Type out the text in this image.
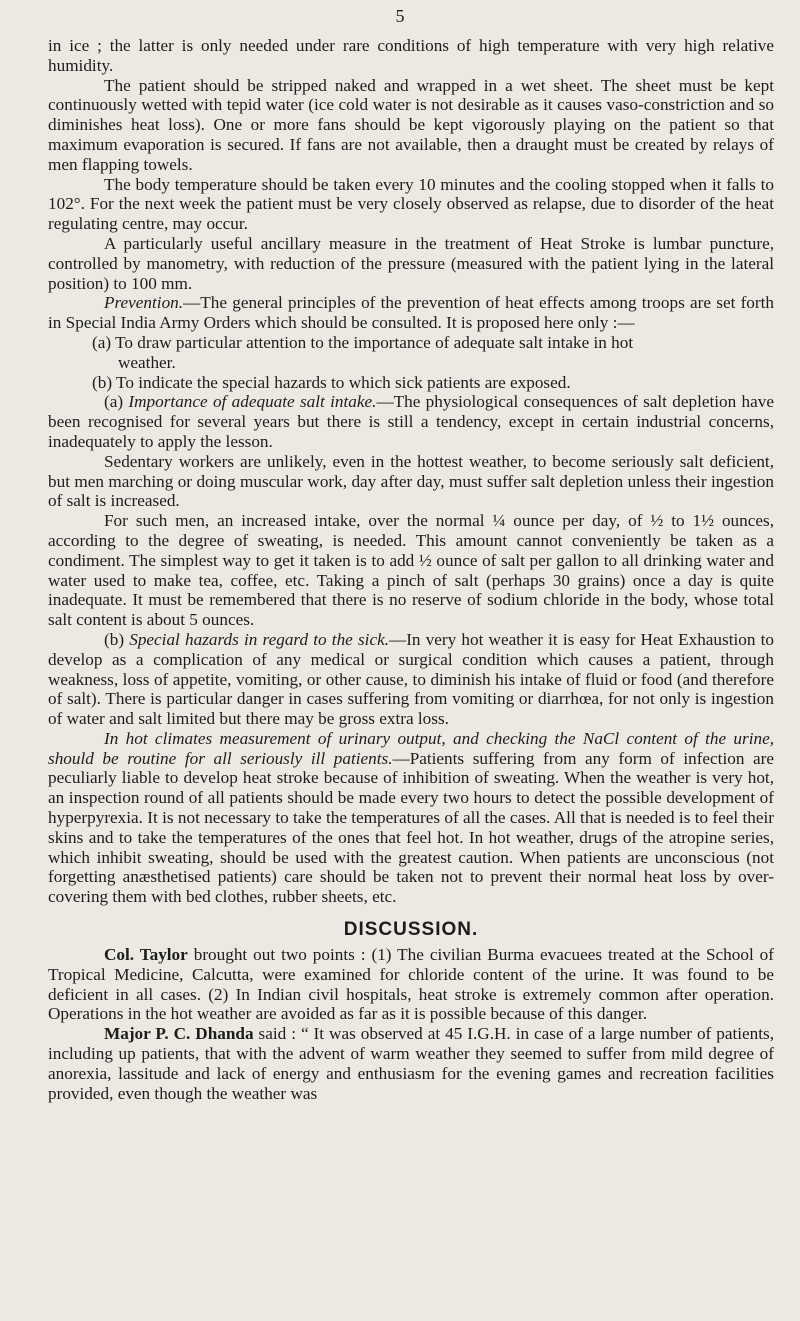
5

in ice ; the latter is only needed under rare conditions of high temperature with very high relative humidity.

The patient should be stripped naked and wrapped in a wet sheet. The sheet must be kept continuously wetted with tepid water (ice cold water is not desirable as it causes vaso-constriction and so diminishes heat loss). One or more fans should be kept vigorously playing on the patient so that maximum evaporation is secured. If fans are not available, then a draught must be created by relays of men flapping towels.

The body temperature should be taken every 10 minutes and the cooling stopped when it falls to 102°. For the next week the patient must be very closely observed as relapse, due to disorder of the heat regulating centre, may occur.

A particularly useful ancillary measure in the treatment of Heat Stroke is lumbar puncture, controlled by manometry, with reduction of the pressure (measured with the patient lying in the lateral position) to 100 mm.

Prevention.—The general principles of the prevention of heat effects among troops are set forth in Special India Army Orders which should be consulted. It is proposed here only :—

(a) To draw particular attention to the importance of adequate salt intake in hot
weather.

(b) To indicate the special hazards to which sick patients are exposed.

(a) Importance of adequate salt intake.—The physiological consequences of salt depletion have been recognised for several years but there is still a tendency, except in certain industrial concerns, inadequately to apply the lesson.

Sedentary workers are unlikely, even in the hottest weather, to become seriously salt deficient, but men marching or doing muscular work, day after day, must suffer salt depletion unless their ingestion of salt is increased.

For such men, an increased intake, over the normal ¼ ounce per day, of ½ to 1½ ounces, according to the degree of sweating, is needed. This amount cannot conveniently be taken as a condiment. The simplest way to get it taken is to add ½ ounce of salt per gallon to all drinking water and water used to make tea, coffee, etc. Taking a pinch of salt (perhaps 30 grains) once a day is quite inadequate. It must be remembered that there is no reserve of sodium chloride in the body, whose total salt content is about 5 ounces.

(b) Special hazards in regard to the sick.—In very hot weather it is easy for Heat Exhaustion to develop as a complication of any medical or surgical condition which causes a patient, through weakness, loss of appetite, vomiting, or other cause, to diminish his intake of fluid or food (and therefore of salt). There is particular danger in cases suffering from vomiting or diarrhœa, for not only is ingestion of water and salt limited but there may be gross extra loss.

In hot climates measurement of urinary output, and checking the NaCl content of the urine, should be routine for all seriously ill patients.—Patients suffering from any form of infection are peculiarly liable to develop heat stroke because of inhibition of sweating. When the weather is very hot, an inspection round of all patients should be made every two hours to detect the possible development of hyperpyrexia. It is not necessary to take the temperatures of all the cases. All that is needed is to feel their skins and to take the temperatures of the ones that feel hot. In hot weather, drugs of the atropine series, which inhibit sweating, should be used with the greatest caution. When patients are unconscious (not forgetting anæsthetised patients) care should be taken not to prevent their normal heat loss by over-covering them with bed clothes, rubber sheets, etc.

DISCUSSION.

Col. Taylor brought out two points : (1) The civilian Burma evacuees treated at the School of Tropical Medicine, Calcutta, were examined for chloride content of the urine. It was found to be deficient in all cases. (2) In Indian civil hospitals, heat stroke is extremely common after operation. Operations in the hot weather are avoided as far as it is possible because of this danger.

Major P. C. Dhanda said : “ It was observed at 45 I.G.H. in case of a large number of patients, including up patients, that with the advent of warm weather they seemed to suffer from mild degree of anorexia, lassitude and lack of energy and enthusiasm for the evening games and recreation facilities provided, even though the weather was
